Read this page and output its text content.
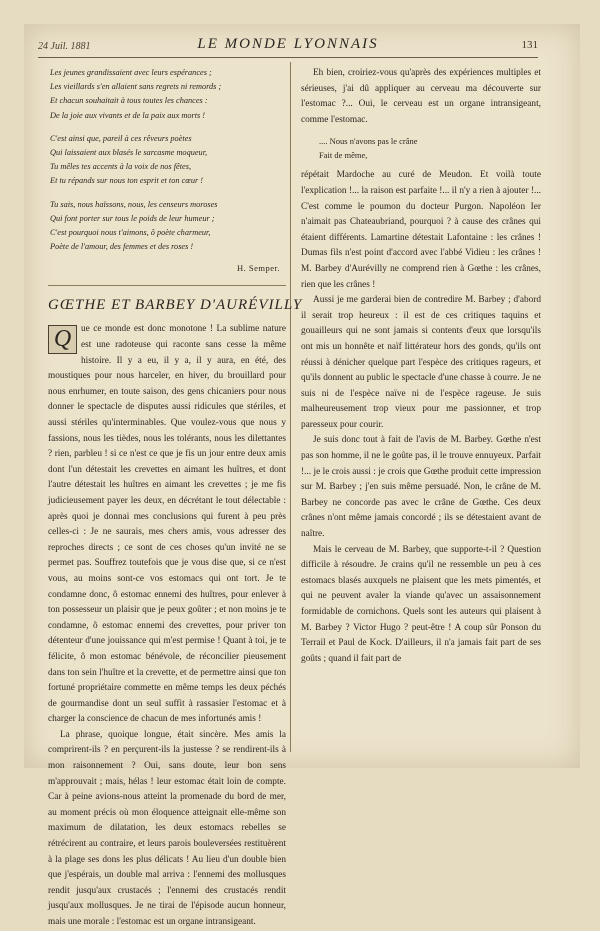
24 Juil. 1881	LE MONDE LYONNAIS	131
Les jeunes grandissaient avec leurs espérances ;
Les vieillards s'en allaient sans regrets ni remords ;
Et chacun souhaitait à tous toutes les chances :
De la joie aux vivants et de la paix aux morts !
C'est ainsi que, pareil à ces rêveurs poètes
Qui laissaient aux blasés le sarcasme moqueur,
Tu mêles tes accents à la voix de nos fêtes,
Et tu répands sur nous ton esprit et ton cœur !
Tu sais, nous haïssons, nous, les censeurs moroses
Qui font porter sur tous le poids de leur humeur ;
C'est pourquoi nous t'aimons, ô poète charmeur,
Poète de l'amour, des femmes et des roses !
H. Semper.
GŒTHE ET BARBEY D'AURÉVILLY

Q	ue ce monde est donc monotone ! La sublime nature est une radoteuse qui raconte sans cesse la même histoire. Il y a eu, il y a, il y aura, en été, des moustiques pour nous harceler, en hiver, du brouillard pour nous enrhumer, en toute saison, des gens chicaniers pour nous donner le spectacle de disputes aussi ridicules que stériles, et aussi stériles qu'interminables. Que voulez-vous que nous y fassions, nous les tièdes, nous les tolérants, nous les dilettantes ? rien, parbleu ! si ce n'est ce que je fis un jour entre deux amis dont l'un détestait les crevettes en aimant les huîtres, et dont l'autre détestait les huîtres en aimant les crevettes ; je me fis judicieusement payer les deux, en décrétant le tout délectable : après quoi je donnai mes conclusions qui furent à peu près celles-ci : Je ne saurais, mes chers amis, vous adresser des reproches directs ; ce sont de ces choses qu'un invité ne se permet pas. Souffrez toutefois que je vous dise que, si ce n'est vous, au moins sont-ce vos estomacs qui ont tort. Je te condamne donc, ô estomac ennemi des huîtres, pour enlever à ton possesseur un plaisir que je peux goûter ; et non moins je te condamne, ô estomac ennemi des crevettes, pour priver ton détenteur d'une jouissance qui m'est permise ! Quant à toi, je te félicite, ô mon estomac bénévole, de réconcilier pieusement dans ton sein l'huître et la crevette, et de permettre ainsi que ton fortuné propriétaire commette en même temps les deux péchés de gourmandise dont un seul suffit à rassasier l'estomac et à charger la conscience de chacun de mes infortunés amis !

La phrase, quoique longue, était sincère. Mes amis la comprirent-ils ? en perçurent-ils la justesse ? se rendirent-ils à mon raisonnement ? Oui, sans doute, leur bon sens m'approuvait ; mais, hélas ! leur estomac était loin de compte. Car à peine avions-nous atteint la promenade du bord de mer, au moment précis où mon éloquence atteignait elle-même son maximum de dilatation, les deux estomacs rebelles se rétrécirent au contraire, et leurs parois bouleversées restituèrent à la plage ses dons les plus délicats ! Au lieu d'un double bien que j'espérais, un double mal arriva : l'ennemi des mollusques rendit jusqu'aux crustacés ; l'ennemi des crustacés rendit jusqu'aux mollusques. Je ne tirai de l'épisode aucun honneur, mais une morale : l'estomac est un organe intransigeant.

Eh bien, croiriez-vous qu'après des expériences multiples et sérieuses, j'ai dû appliquer au cerveau ma découverte sur l'estomac ?... Oui, le cerveau est un organe intransigeant, comme l'estomac.

.... Nous n'avons pas le crâne
Fait de même,

répétait Mardoche au curé de Meudon. Et voilà toute l'explication !... la raison est parfaite !... il n'y a rien à ajouter !... C'est comme le poumon du docteur Purgon. Napoléon Ier n'aimait pas Chateaubriand, pourquoi ? à cause des crânes qui étaient différents. Lamartine détestait Lafontaine : les crânes ! Dumas fils n'est point d'accord avec l'abbé Vidieu : les crânes ! M. Barbey d'Aurévilly ne comprend rien à Gœthe : les crânes, rien que les crânes !

Aussi je me garderai bien de contredire M. Barbey ; d'abord il serait trop heureux : il est de ces critiques taquins et gouailleurs qui ne sont jamais si contents d'eux que lorsqu'ils ont mis un honnête et naïf littérateur hors des gonds, qu'ils ont réussi à dénicher quelque part l'espèce des critiques rageurs, et qu'ils donnent au public le spectacle d'une chasse à courre. Je ne suis ni de l'espèce naïve ni de l'espèce rageuse. Je suis malheureusement trop vieux pour me passionner, et trop paresseux pour courir.

Je suis donc tout à fait de l'avis de M. Barbey. Gœthe n'est pas son homme, il ne le goûte pas, il le trouve ennuyeux. Parfait !... je le crois aussi : je crois que Gœthe produit cette impression sur M. Barbey ; j'en suis même persuadé. Non, le crâne de M. Barbey ne concorde pas avec le crâne de Gœthe. Ces deux crânes n'ont même jamais concordé ; ils se détestaient avant de naître.

Mais le cerveau de M. Barbey, que supporte-t-il ? Question difficile à résoudre. Je crains qu'il ne ressemble un peu à ces estomacs blasés auxquels ne plaisent que les mets pimentés, et qui ne peuvent avaler la viande qu'avec un assaisonnement formidable de cornichons. Quels sont les auteurs qui plaisent à M. Barbey ? Victor Hugo ? peut-être ! A coup sûr Ponson du Terrail et Paul de Kock. D'ailleurs, il n'a jamais fait part de ses goûts ; quand il fait part de
